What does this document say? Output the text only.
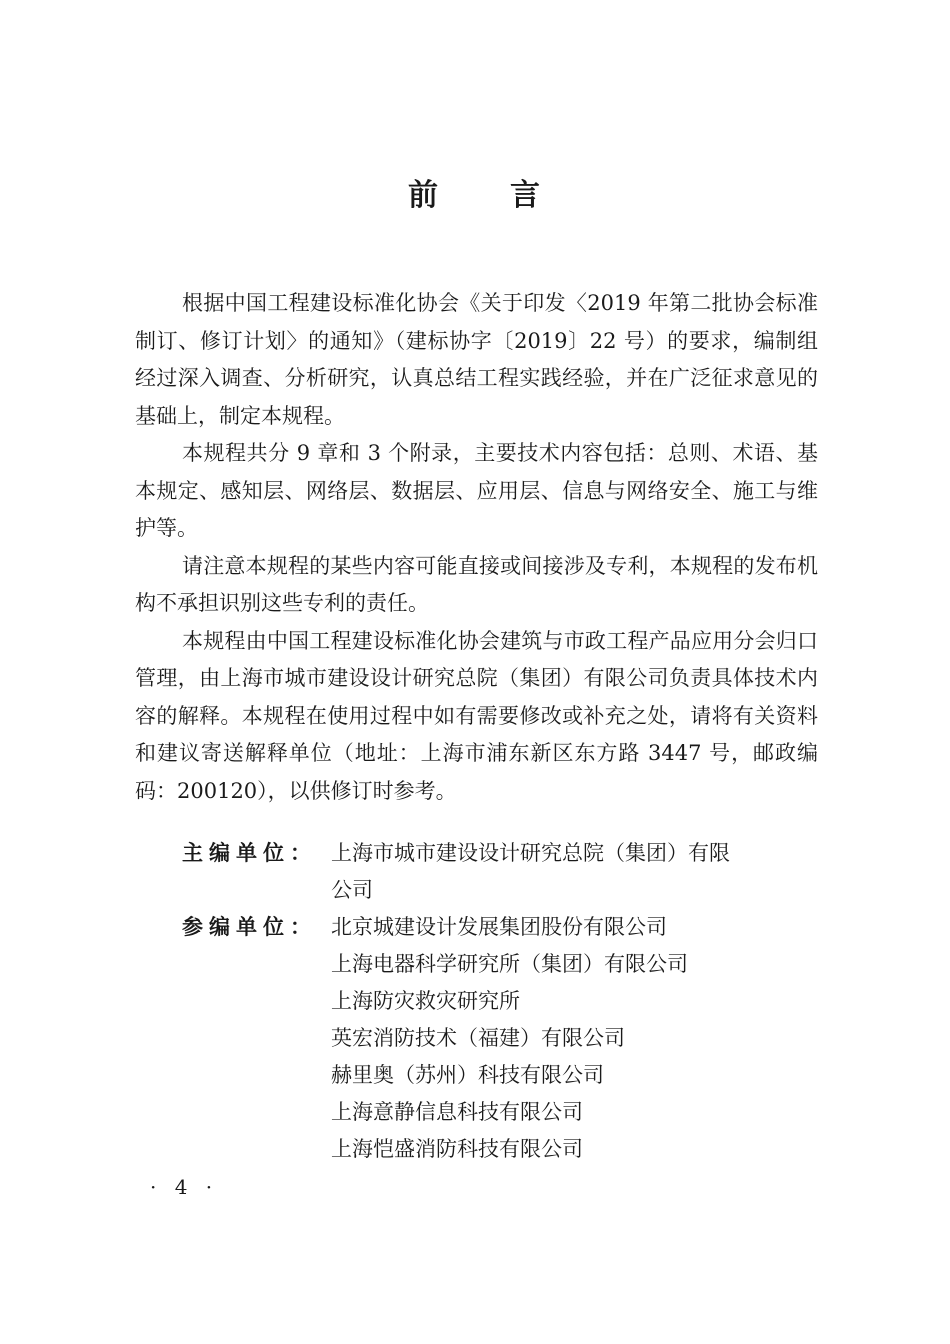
前 言

根据中国工程建设标准化协会《关于印发〈2019 年第二批协会标准制订、修订计划〉的通知》（建标协字〔2019〕22 号）的要求，编制组经过深入调查、分析研究，认真总结工程实践经验，并在广泛征求意见的基础上，制定本规程。

本规程共分 9 章和 3 个附录，主要技术内容包括：总则、术语、基本规定、感知层、网络层、数据层、应用层、信息与网络安全、施工与维护等。

请注意本规程的某些内容可能直接或间接涉及专利，本规程的发布机构不承担识别这些专利的责任。

本规程由中国工程建设标准化协会建筑与市政工程产品应用分会归口管理，由上海市城市建设设计研究总院（集团）有限公司负责具体技术内容的解释。本规程在使用过程中如有需要修改或补充之处，请将有关资料和建议寄送解释单位（地址：上海市浦东新区东方路 3447 号，邮政编码：200120），以供修订时参考。

主编单位： 上海市城市建设设计研究总院（集团）有限
公司
参编单位： 北京城建设计发展集团股份有限公司
上海电器科学研究所（集团）有限公司
上海防灾救灾研究所
英宏消防技术（福建）有限公司
赫里奥（苏州）科技有限公司
上海意静信息科技有限公司
上海恺盛消防科技有限公司
· 4 ·
